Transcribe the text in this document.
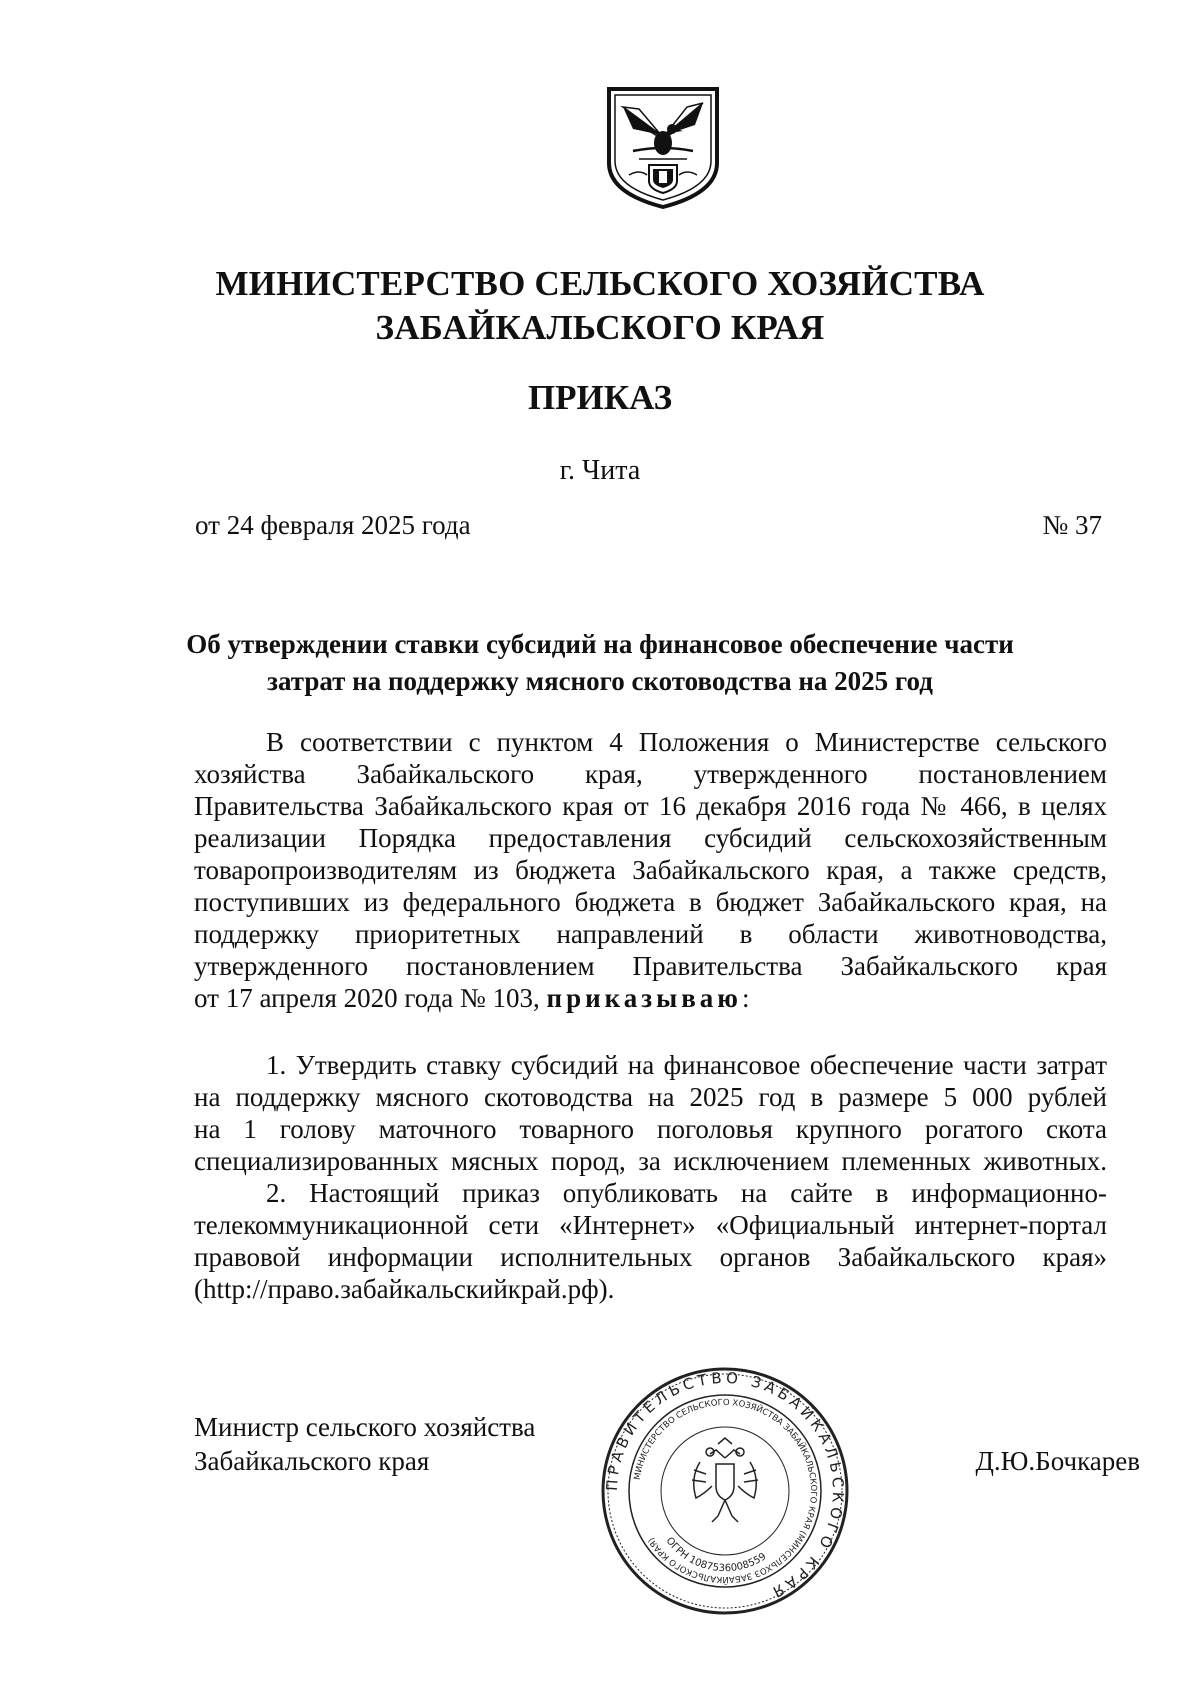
МИНИСТЕРСТВО СЕЛЬСКОГО ХОЗЯЙСТВА
ЗАБАЙКАЛЬСКОГО КРАЯ
ПРИКАЗ
г. Чита
от 24 февраля 2025 года	№ 37
Об утверждении ставки субсидий на финансовое обеспечение части
затрат на поддержку мясного скотоводства на 2025 год
В соответствии с пунктом 4 Положения о Министерстве сельского
хозяйства Забайкальского края, утвержденного постановлением
Правительства Забайкальского края от 16 декабря 2016 года № 466, в целях
реализации Порядка предоставления субсидий сельскохозяйственным
товаропроизводителям из бюджета Забайкальского края, а также средств,
поступивших из федерального бюджета в бюджет Забайкальского края, на
поддержку приоритетных направлений в области животноводства,
утвержденного постановлением Правительства Забайкальского края
от 17 апреля 2020 года № 103, приказываю:
1. Утвердить ставку субсидий на финансовое обеспечение части затрат
на поддержку мясного скотоводства на 2025 год в размере 5 000 рублей
на 1 голову маточного товарного поголовья крупного рогатого скота
специализированных мясных пород, за исключением племенных животных.
2. Настоящий приказ опубликовать на сайте в информационно-
телекоммуникационной сети «Интернет» «Официальный интернет-портал
правовой информации исполнительных органов Забайкальского края»
(http://право.забайкальскийкрай.рф).
Министр сельского хозяйства
Забайкальского края
ПРАВИТЕЛЬСТВО ЗАБАЙКАЛЬСКОГО КРАЯ
МИНИСТЕРСТВО СЕЛЬСКОГО ХОЗЯЙСТВА ЗАБАЙКАЛЬСКОГО КРАЯ (МИНСЕЛЬХОЗ ЗАБАЙКАЛЬСКОГО КРАЯ) ОГРН 1087536008559
Д.Ю.Бочкарев
